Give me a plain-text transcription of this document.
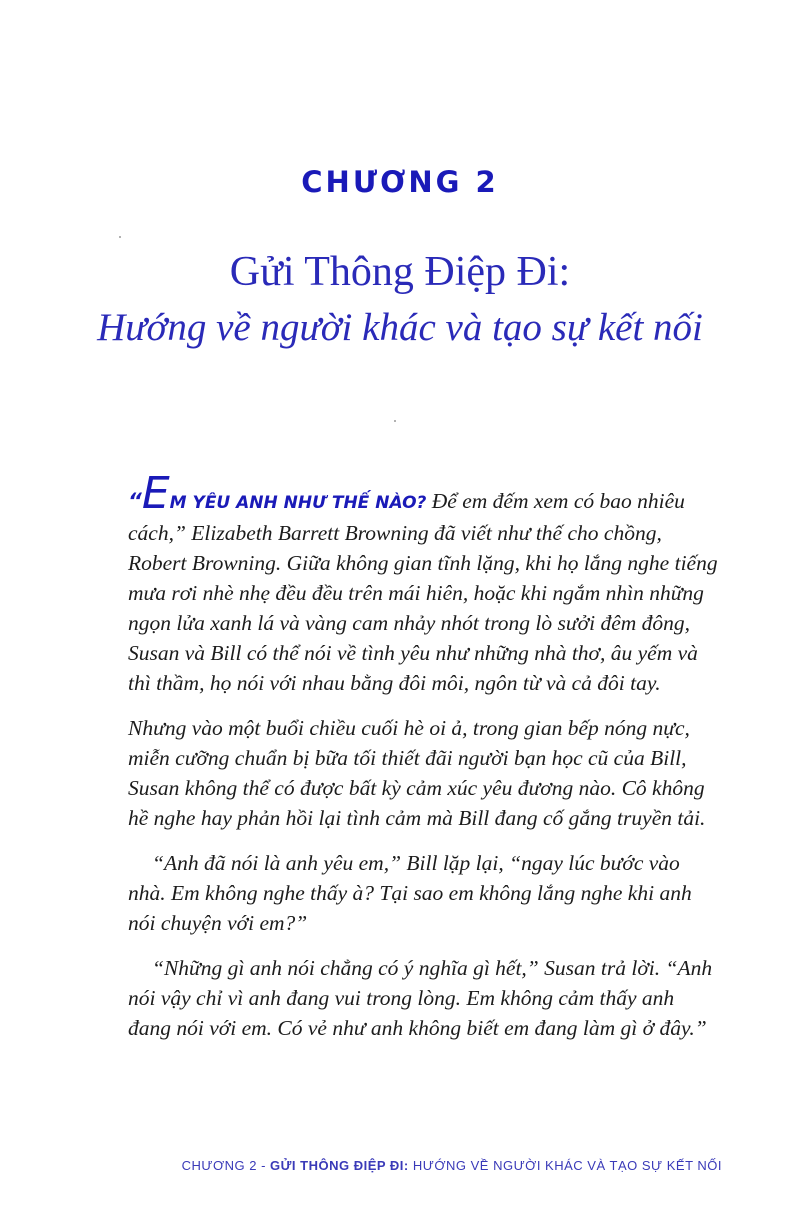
CHƯƠNG 2
Gửi Thông Điệp Đi:
Hướng về người khác và tạo sự kết nối

“EM YÊU ANH NHƯ THẾ NÀO? Để em đếm xem có bao nhiêu cách,” Elizabeth Barrett Browning đã viết như thế cho chồng, Robert Browning. Giữa không gian tĩnh lặng, khi họ lắng nghe tiếng mưa rơi nhè nhẹ đều đều trên mái hiên, hoặc khi ngắm nhìn những ngọn lửa xanh lá và vàng cam nhảy nhót trong lò sưởi đêm đông, Susan và Bill có thể nói về tình yêu như những nhà thơ, âu yếm và thì thầm, họ nói với nhau bằng đôi môi, ngôn từ và cả đôi tay.

Nhưng vào một buổi chiều cuối hè oi ả, trong gian bếp nóng nực, miễn cưỡng chuẩn bị bữa tối thiết đãi người bạn học cũ của Bill, Susan không thể có được bất kỳ cảm xúc yêu đương nào. Cô không hề nghe hay phản hồi lại tình cảm mà Bill đang cố gắng truyền tải.

“Anh đã nói là anh yêu em,” Bill lặp lại, “ngay lúc bước vào nhà. Em không nghe thấy à? Tại sao em không lắng nghe khi anh nói chuyện với em?”

“Những gì anh nói chẳng có ý nghĩa gì hết,” Susan trả lời. “Anh nói vậy chỉ vì anh đang vui trong lòng. Em không cảm thấy anh đang nói với em. Có vẻ như anh không biết em đang làm gì ở đây.”

CHƯƠNG 2 - GỬI THÔNG ĐIỆP ĐI: HƯỚNG VỀ NGƯỜI KHÁC VÀ TẠO SỰ KẾT NỐI
